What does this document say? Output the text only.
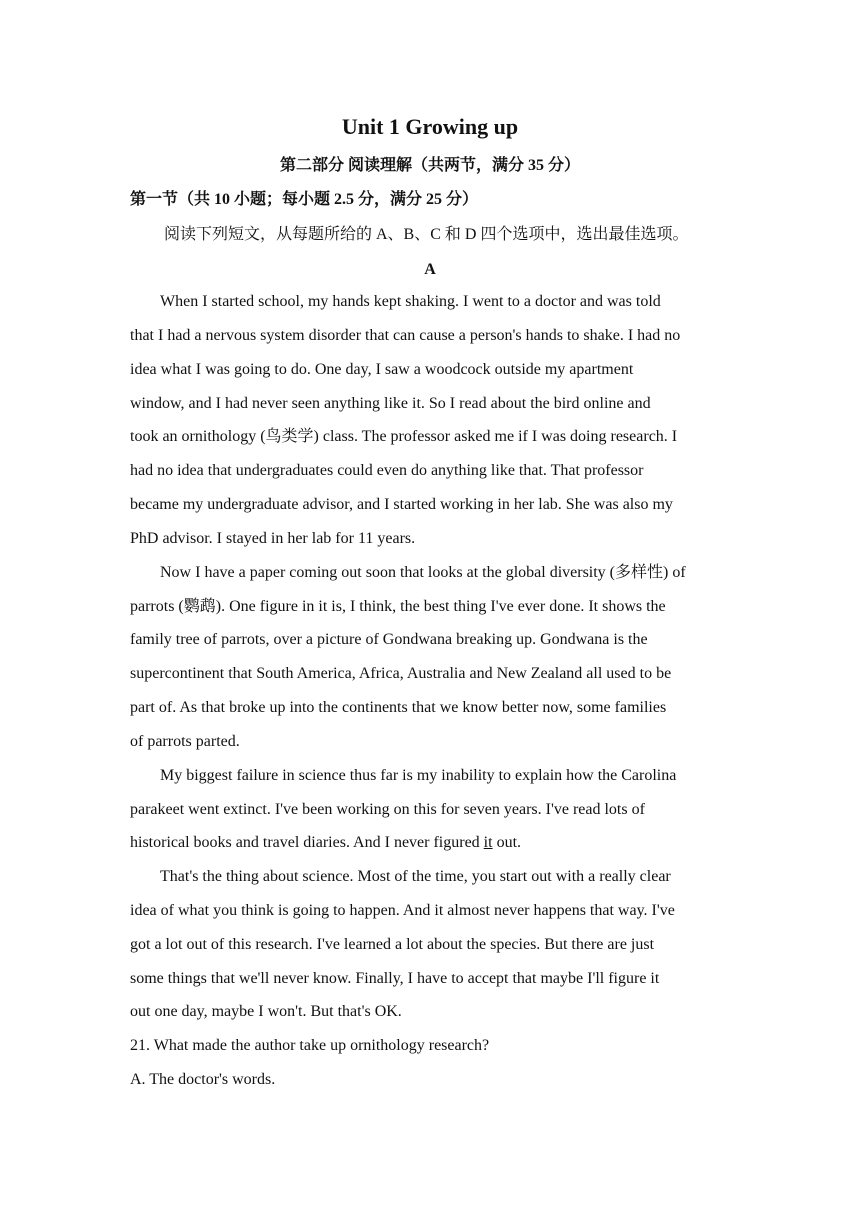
Unit 1 Growing up
第二部分 阅读理解（共两节，满分 35 分）
第一节（共 10 小题；每小题 2.5 分，满分 25 分）
阅读下列短文，从每题所给的 A、B、C 和 D 四个选项中，选出最佳选项。
A
When I started school, my hands kept shaking. I went to a doctor and was told
that I had a nervous system disorder that can cause a person's hands to shake. I had no
idea what I was going to do. One day, I saw a woodcock outside my apartment
window, and I had never seen anything like it. So I read about the bird online and
took an ornithology (鸟类学) class. The professor asked me if I was doing research. I
had no idea that undergraduates could even do anything like that. That professor
became my undergraduate advisor, and I started working in her lab. She was also my
PhD advisor. I stayed in her lab for 11 years.
Now I have a paper coming out soon that looks at the global diversity (多样性) of
parrots (鹦鹉). One figure in it is, I think, the best thing I've ever done. It shows the
family tree of parrots, over a picture of Gondwana breaking up. Gondwana is the
supercontinent that South America, Africa, Australia and New Zealand all used to be
part of. As that broke up into the continents that we know better now, some families
of parrots parted.
My biggest failure in science thus far is my inability to explain how the Carolina
parakeet went extinct. I've been working on this for seven years. I've read lots of
historical books and travel diaries. And I never figured it out.
That's the thing about science. Most of the time, you start out with a really clear
idea of what you think is going to happen. And it almost never happens that way. I've
got a lot out of this research. I've learned a lot about the species. But there are just
some things that we'll never know. Finally, I have to accept that maybe I'll figure it
out one day, maybe I won't. But that's OK.
21. What made the author take up ornithology research?
A. The doctor's words.
